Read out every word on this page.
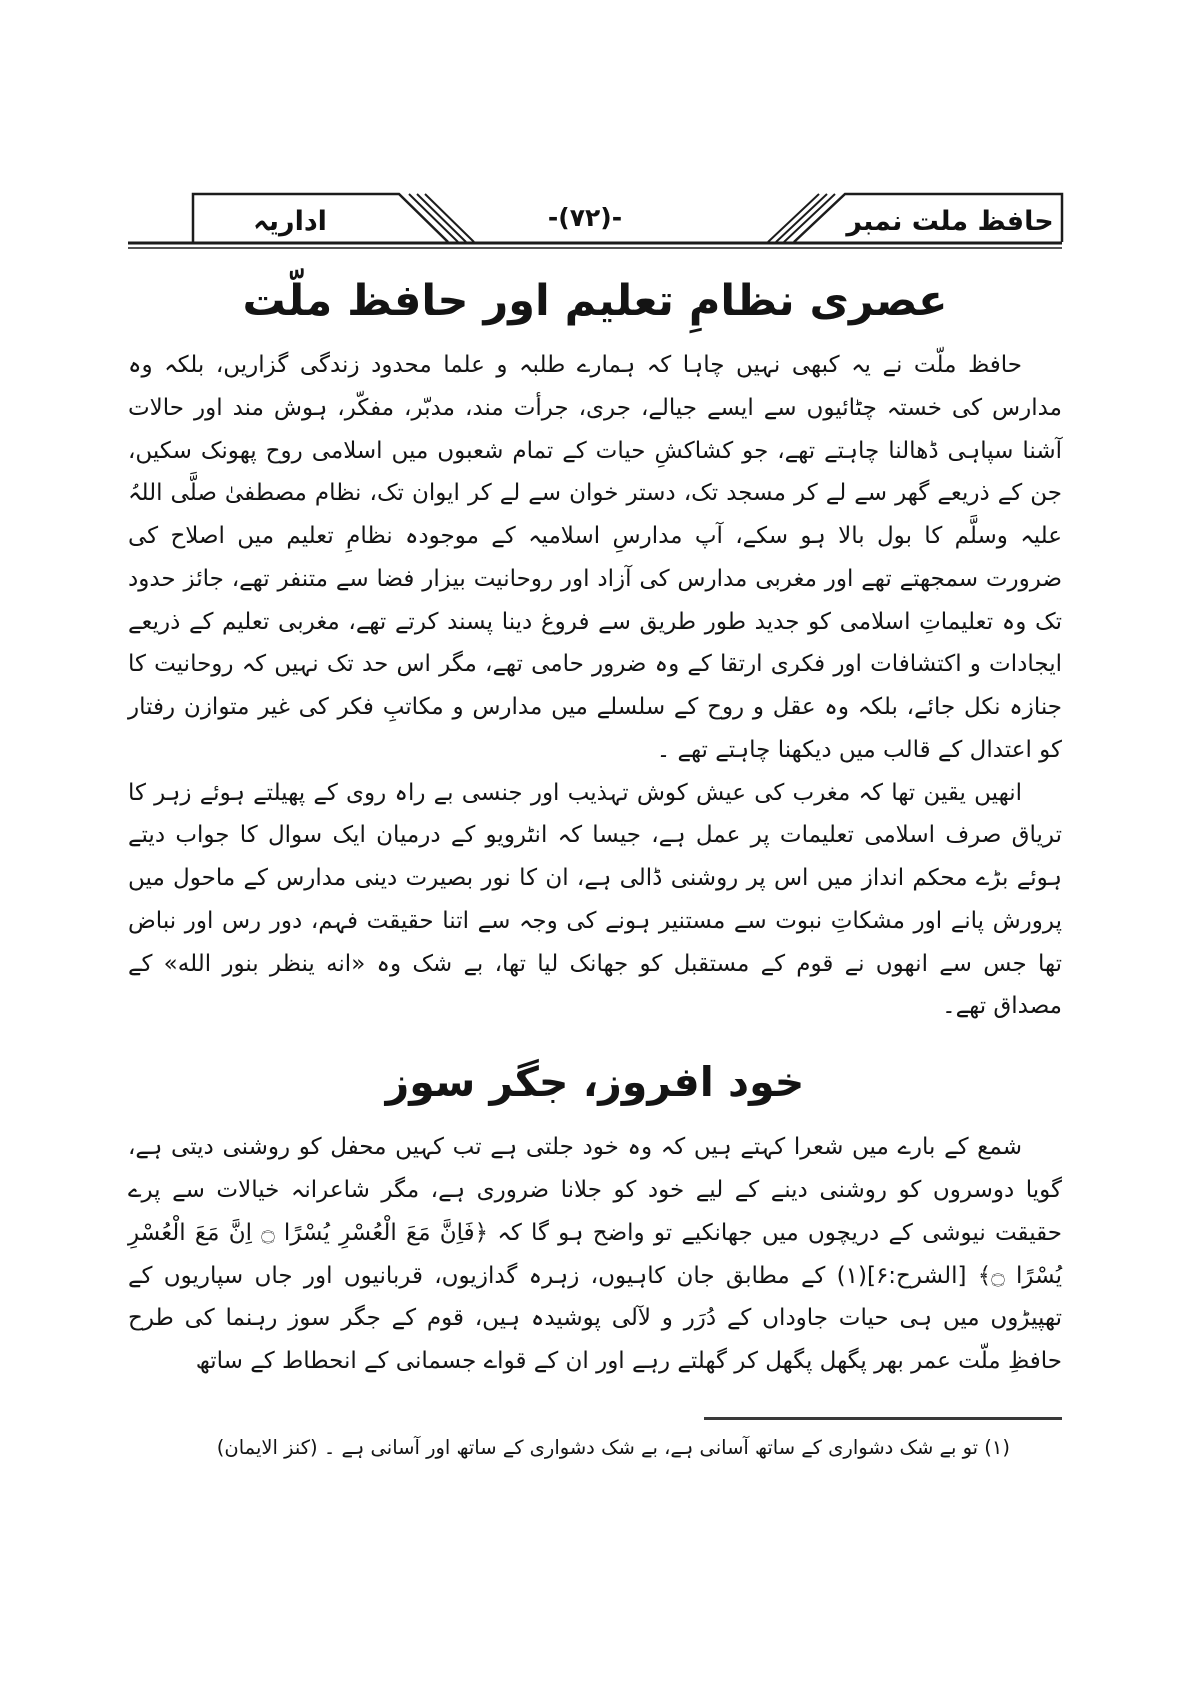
اداریہ	-(۷۲)-	حافظ ملت نمبر
عصری نظامِ تعلیم اور حافظ ملّت

حافظ ملّت نے یہ کبھی نہیں چاہا کہ ہمارے طلبہ و علما محدود زندگی گزاریں، بلکہ وہ مدارس کی خستہ چٹائیوں سے ایسے جیالے، جری، جرأت مند، مدبّر، مفکّر، ہوش مند اور حالات آشنا سپاہی ڈھالنا چاہتے تھے، جو کشاکشِ حیات کے تمام شعبوں میں اسلامی روح پھونک سکیں، جن کے ذریعے گھر سے لے کر مسجد تک، دستر خوان سے لے کر ایوان تک، نظام مصطفیٰ صلَّی اللہُ علیہ وسلَّم کا بول بالا ہو سکے، آپ مدارسِ اسلامیہ کے موجودہ نظامِ تعلیم میں اصلاح کی ضرورت سمجھتے تھے اور مغربی مدارس کی آزاد اور روحانیت بیزار فضا سے متنفر تھے، جائز حدود تک وہ تعلیماتِ اسلامی کو جدید طور طریق سے فروغ دینا پسند کرتے تھے، مغربی تعلیم کے ذریعے ایجادات و اکتشافات اور فکری ارتقا کے وہ ضرور حامی تھے، مگر اس حد تک نہیں کہ روحانیت کا جنازہ نکل جائے، بلکہ وہ عقل و روح کے سلسلے میں مدارس و مکاتبِ فکر کی غیر متوازن رفتار کو اعتدال کے قالب میں دیکھنا چاہتے تھے ۔

انھیں یقین تھا کہ مغرب کی عیش کوش تہذیب اور جنسی بے راہ روی کے پھیلتے ہوئے زہر کا تریاق صرف اسلامی تعلیمات پر عمل ہے، جیسا کہ انٹرویو کے درمیان ایک سوال کا جواب دیتے ہوئے بڑے محکم انداز میں اس پر روشنی ڈالی ہے، ان کا نور بصیرت دینی مدارس کے ماحول میں پرورش پانے اور مشکاتِ نبوت سے مستنیر ہونے کی وجہ سے اتنا حقیقت فہم، دور رس اور نباض تھا جس سے انھوں نے قوم کے مستقبل کو جھانک لیا تھا، بے شک وہ «انه ينظر بنور الله» کے مصداق تھے۔

خود افروز، جگر سوز

شمع کے بارے میں شعرا کہتے ہیں کہ وہ خود جلتی ہے تب کہیں محفل کو روشنی دیتی ہے، گویا دوسروں کو روشنی دینے کے لیے خود کو جلانا ضروری ہے، مگر شاعرانہ خیالات سے پرے حقیقت نیوشی کے دریچوں میں جھانکیے تو واضح ہو گا کہ ﴿فَاِنَّ مَعَ الْعُسْرِ يُسْرًا ۝ اِنَّ مَعَ الْعُسْرِ يُسْرًا ۝﴾ [الشرح:۶](۱) کے مطابق جان کاہیوں، زہرہ گدازیوں، قربانیوں اور جاں سپاریوں کے تھپیڑوں میں ہی حیات جاوداں کے دُرَر و لآلی پوشیدہ ہیں، قوم کے جگر سوز رہنما کی طرح حافظِ ملّت عمر بھر پگھل پگھل کر گھلتے رہے اور ان کے قواے جسمانی کے انحطاط کے ساتھ

(۱) تو بے شک دشواری کے ساتھ آسانی ہے، بے شک دشواری کے ساتھ اور آسانی ہے ۔ (کنز الایمان)
